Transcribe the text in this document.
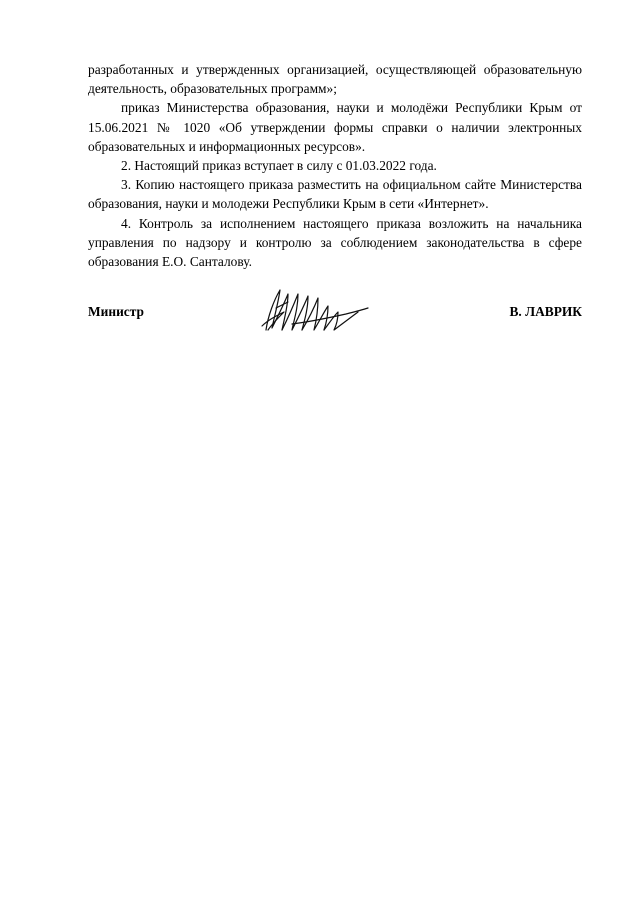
разработанных и утвержденных организацией, осуществляющей образовательную деятельность, образовательных программ»;

приказ Министерства образования, науки и молодёжи Республики Крым от 15.06.2021 № 1020 «Об утверждении формы справки о наличии электронных образовательных и информационных ресурсов».

2. Настоящий приказ вступает в силу с 01.03.2022 года.

3. Копию настоящего приказа разместить на официальном сайте Министерства образования, науки и молодежи Республики Крым в сети «Интернет».

4. Контроль за исполнением настоящего приказа возложить на начальника управления по надзору и контролю за соблюдением законодательства в сфере образования Е.О. Санталову.

Министр	В. ЛАВРИК
